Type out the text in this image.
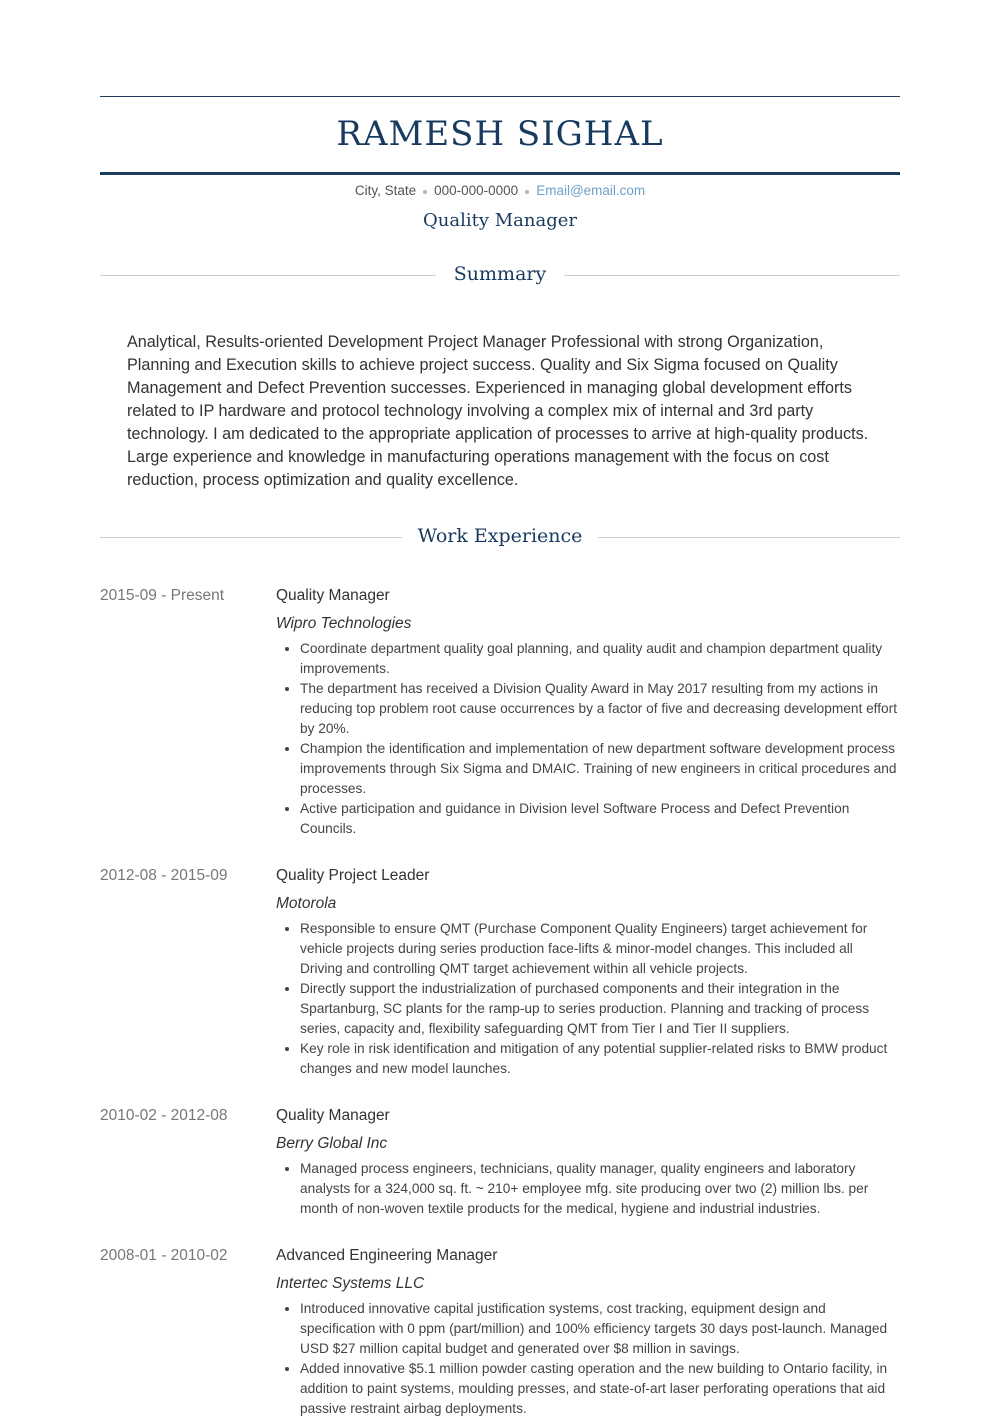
RAMESH SIGHAL
City, State 000-000-0000 Email@email.com
Quality Manager
Summary
Analytical, Results-oriented Development Project Manager Professional with strong Organization, Planning and Execution skills to achieve project success. Quality and Six Sigma focused on Quality Management and Defect Prevention successes. Experienced in managing global development efforts related to IP hardware and protocol technology involving a complex mix of internal and 3rd party technology. I am dedicated to the appropriate application of processes to arrive at high-quality products. Large experience and knowledge in manufacturing operations management with the focus on cost reduction, process optimization and quality excellence.
Work Experience
2015-09 - Present	Quality Manager
Wipro Technologies
• Coordinate department quality goal planning, and quality audit and champion department quality improvements.
• The department has received a Division Quality Award in May 2017 resulting from my actions in reducing top problem root cause occurrences by a factor of five and decreasing development effort by 20%.
• Champion the identification and implementation of new department software development process improvements through Six Sigma and DMAIC. Training of new engineers in critical procedures and processes.
• Active participation and guidance in Division level Software Process and Defect Prevention Councils.
2012-08 - 2015-09	Quality Project Leader
Motorola
• Responsible to ensure QMT (Purchase Component Quality Engineers) target achievement for vehicle projects during series production face-lifts & minor-model changes. This included all Driving and controlling QMT target achievement within all vehicle projects.
• Directly support the industrialization of purchased components and their integration in the Spartanburg, SC plants for the ramp-up to series production. Planning and tracking of process series, capacity and, flexibility safeguarding QMT from Tier I and Tier II suppliers.
• Key role in risk identification and mitigation of any potential supplier-related risks to BMW product changes and new model launches.
2010-02 - 2012-08	Quality Manager
Berry Global Inc
• Managed process engineers, technicians, quality manager, quality engineers and laboratory analysts for a 324,000 sq. ft. ~ 210+ employee mfg. site producing over two (2) million lbs. per month of non-woven textile products for the medical, hygiene and industrial industries.
2008-01 - 2010-02	Advanced Engineering Manager
Intertec Systems LLC
• Introduced innovative capital justification systems, cost tracking, equipment design and specification with 0 ppm (part/million) and 100% efficiency targets 30 days post-launch. Managed USD $27 million capital budget and generated over $8 million in savings.
• Added innovative $5.1 million powder casting operation and the new building to Ontario facility, in addition to paint systems, moulding presses, and state-of-art laser perforating operations that aid passive restraint airbag deployments.
